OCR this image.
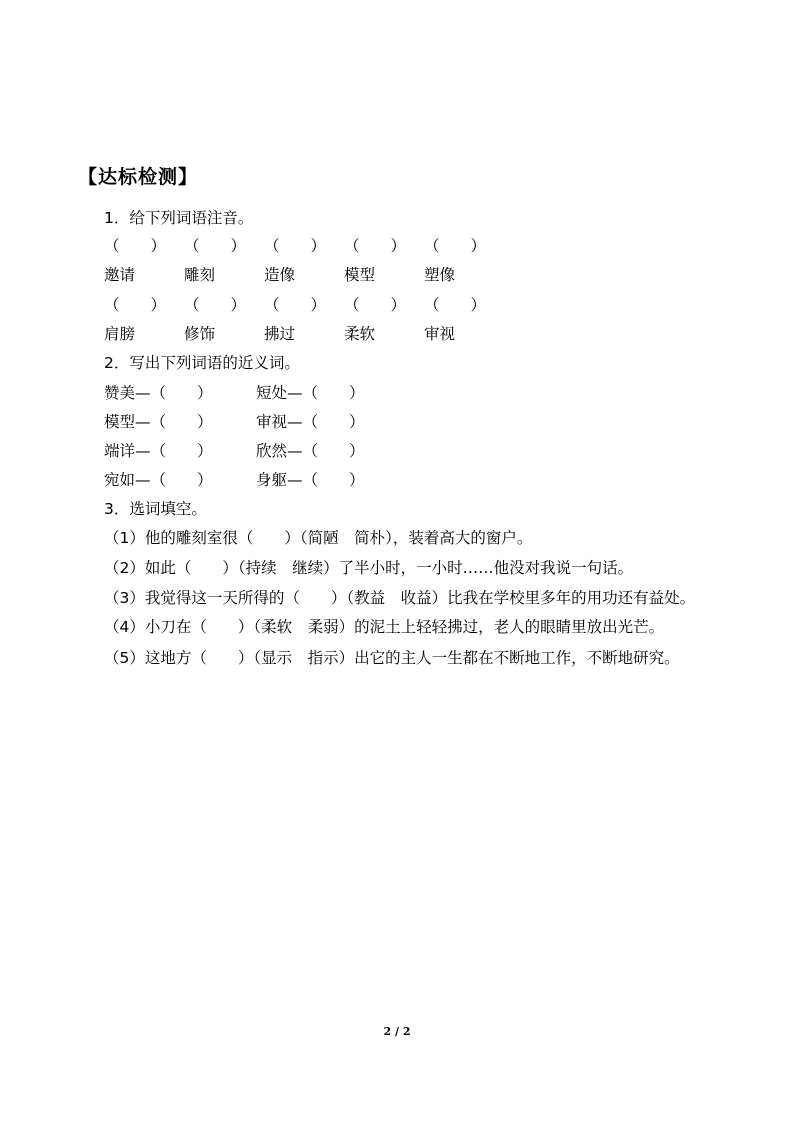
【达标检测】
1．给下列词语注音。
（　　） （　　） （　　） （　　） （　　）
邀请	雕刻	造像	模型	塑像
（　　） （　　） （　　） （　　） （　　）
肩膀	修饰	拂过	柔软	审视
2．写出下列词语的近义词。
赞美—（　　）	短处—（　　）
模型—（　　）	审视—（　　）
端详—（　　）	欣然—（　　）
宛如—（　　）	身躯—（　　）
3．选词填空。
（1）他的雕刻室很（　　）（简陋　简朴），装着高大的窗户。
（2）如此（　　）（持续　继续）了半小时，一小时……他没对我说一句话。
（3）我觉得这一天所得的（　　）（教益　收益）比我在学校里多年的用功还有益处。
（4）小刀在（　　）（柔软　柔弱）的泥土上轻轻拂过，老人的眼睛里放出光芒。
（5）这地方（　　）（显示　指示）出它的主人一生都在不断地工作，不断地研究。
2 / 2
